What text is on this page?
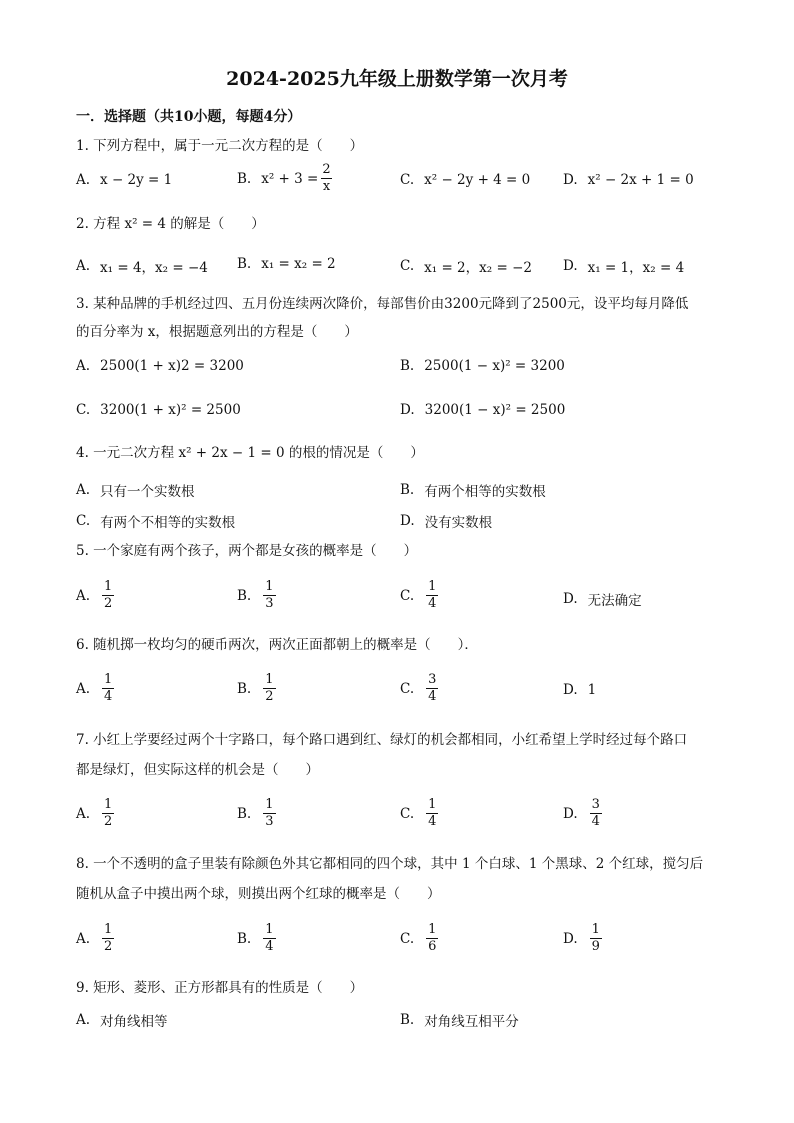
2024-2025九年级上册数学第一次月考
一．选择题（共10小题，每题4分）
1. 下列方程中，属于一元二次方程的是（　　）
A. x − 2y = 1	B. $x^2 + 3 = \frac{2}{x}$	C. x² − 2y + 4 = 0 D. x² − 2x + 1 = 0
2. 方程 x² = 4 的解是（　　）
A. x₁ = 4，x₂ = −4 B. x₁ = x₂ = 2	C. x₁ = 2，x₂ = −2 D. x₁ = 1，x₂ = 4
3. 某种品牌的手机经过四、五月份连续两次降价，每部售价由3200元降到了2500元，设平均每月降低
的百分率为 x，根据题意列出的方程是（　　）
A. 2500(1 + x)2 = 3200	B. 2500(1 − x)² = 3200
C. 3200(1 + x)² = 2500	D. 3200(1 − x)² = 2500
4. 一元二次方程 x² + 2x − 1 = 0 的根的情况是（　　）
A. 只有一个实数根	B. 有两个相等的实数根
C. 有两个不相等的实数根	D. 没有实数根
5. 一个家庭有两个孩子，两个都是女孩的概率是（　　）
A. $\frac{1}{2}$	B. $\frac{1}{3}$	C. $\frac{1}{4}$	D. 无法确定
6. 随机掷一枚均匀的硬币两次，两次正面都朝上的概率是（　　）．
A. $\frac{1}{4}$	B. $\frac{1}{2}$	C. $\frac{3}{4}$	D. 1
7. 小红上学要经过两个十字路口，每个路口遇到红、绿灯的机会都相同，小红希望上学时经过每个路口
都是绿灯，但实际这样的机会是（　　）
A. $\frac{1}{2}$	B. $\frac{1}{3}$	C. $\frac{1}{4}$	D. $\frac{3}{4}$
8. 一个不透明的盒子里装有除颜色外其它都相同的四个球，其中 1 个白球、1 个黑球、2 个红球，搅匀后
随机从盒子中摸出两个球，则摸出两个红球的概率是（　　）
A. $\frac{1}{2}$	B. $\frac{1}{4}$	C. $\frac{1}{6}$	D. $\frac{1}{9}$
9. 矩形、菱形、正方形都具有的性质是（　　）
A. 对角线相等	B. 对角线互相平分
